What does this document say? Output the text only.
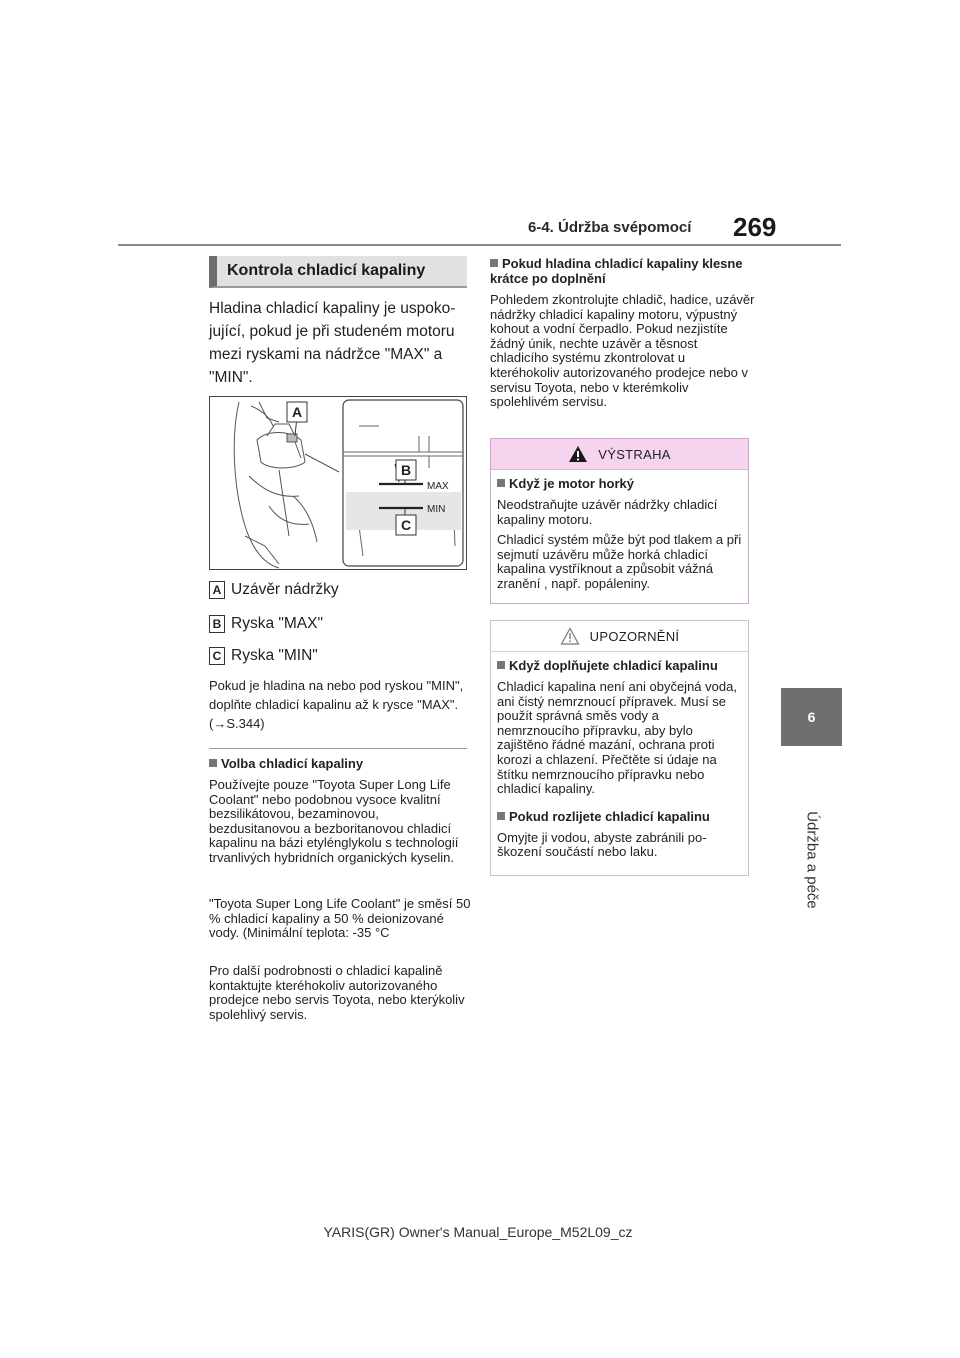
6-4. Údržba svépomocí 269
6
Údržba a péče
Kontrola chladicí kapaliny
Hladina chladicí kapaliny je uspokojující, pokud je při studeném motoru mezi ryskami na nádržce "MAX" a "MIN".
MAX
MIN
A
B
C
A Uzávěr nádržky
B Ryska "MAX"
C Ryska "MIN"
Pokud je hladina na nebo pod ryskou "MIN", doplňte chladicí kapalinu až k rysce "MAX". (→S.344)
Volba chladicí kapaliny

Používejte pouze "Toyota Super Long Life Coolant" nebo podobnou vysoce kvalitní bezsilikátovou, bezaminovou, bezdusitanovou a bezboritanovou chladicí kapalinu na bázi etylénglykolu s technologií trvanlivých hybridních organických kyselin.

"Toyota Super Long Life Coolant" je směsí 50 % chladicí kapaliny a 50 % deionizované vody. (Minimální teplota: -35 °C

Pro další podrobnosti o chladicí kapalině kontaktujte kteréhokoliv autorizovaného prodejce nebo servis Toyota, nebo kterýkoliv spolehlivý servis.

Pokud hladina chladicí kapaliny klesne krátce po doplnění

Pohledem zkontrolujte chladič, hadice, uzávěr nádržky chladicí kapaliny motoru, výpustný kohout a vodní čerpadlo. Pokud nezjistíte žádný únik, nechte uzávěr a těsnost chladicího systému zkontrolovat u kteréhokoliv autorizovaného prodejce nebo v servisu Toyota, nebo v kterémkoliv spolehlivém servisu.

VÝSTRAHA
Když je motor horký

Neodstraňujte uzávěr nádržky chladicí kapaliny motoru.

Chladicí systém může být pod tlakem a při sejmutí uzávěru může horká chladicí kapalina vystříknout a způsobit vážná zranění , např. popáleniny.

UPOZORNĚNÍ
Když doplňujete chladicí kapalinu

Chladicí kapalina není ani obyčejná voda, ani čistý nemrznoucí přípravek. Musí se použít správná směs vody a nemrznoucího přípravku, aby bylo zajištěno řádné mazání, ochrana proti korozi a chlazení. Přečtěte si údaje na štítku nemrznoucího přípravku nebo chladicí kapaliny.

Pokud rozlijete chladicí kapalinu

Omyjte ji vodou, abyste zabránili poškození součástí nebo laku.

YARIS(GR) Owner's Manual_Europe_M52L09_cz
